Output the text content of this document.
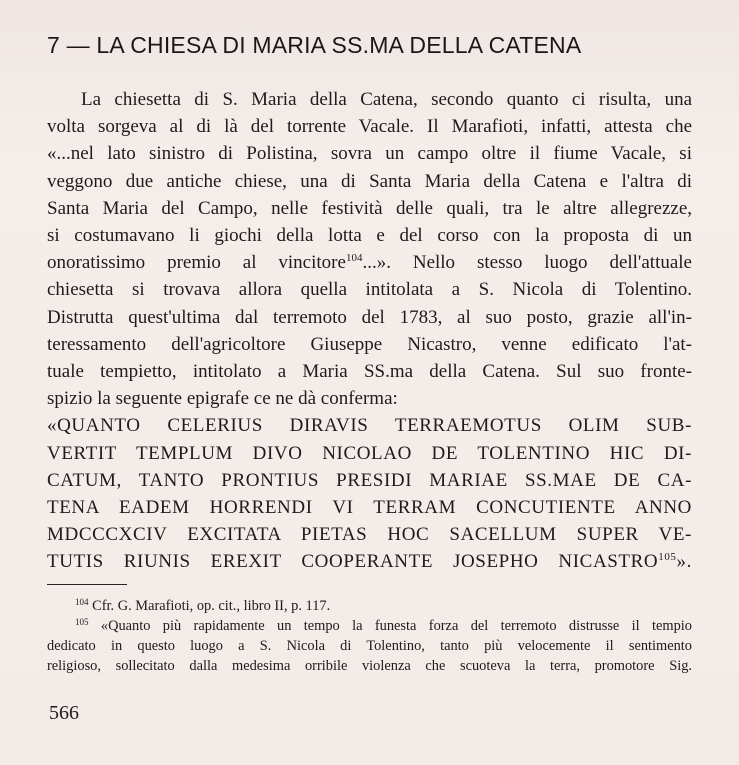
7 — LA CHIESA DI MARIA SS.MA DELLA CATENA
La chiesetta di S. Maria della Catena, secondo quanto ci risulta, una
volta sorgeva al di là del torrente Vacale. Il Marafioti, infatti, attesta che
«...nel lato sinistro di Polistina, sovra un campo oltre il fiume Vacale, si
veggono due antiche chiese, una di Santa Maria della Catena e l'altra di
Santa Maria del Campo, nelle festività delle quali, tra le altre allegrezze,
si costumavano li giochi della lotta e del corso con la proposta di un
onoratissimo premio al vincitore$^{104}$...». Nello stesso luogo dell'attuale
chiesetta si trovava allora quella intitolata a S. Nicola di Tolentino.
Distrutta quest'ultima dal terremoto del 1783, al suo posto, grazie all'in-
teressamento dell'agricoltore Giuseppe Nicastro, venne edificato l'at-
tuale tempietto, intitolato a Maria SS.ma della Catena. Sul suo fronte-
spizio la seguente epigrafe ce ne dà conferma:
«QUANTO CELERIUS DIRAVIS TERRAEMOTUS OLIM SUB-
VERTIT TEMPLUM DIVO NICOLAO DE TOLENTINO HIC DI-
CATUM, TANTO PRONTIUS PRESIDI MARIAE SS.MAE DE CA-
TENA EADEM HORRENDI VI TERRAM CONCUTIENTE ANNO
MDCCCXCIV EXCITATA PIETAS HOC SACELLUM SUPER VE-
TUTIS RIUNIS EREXIT COOPERANTE JOSEPHO NICASTRO$^{105}$».
$^{104}$ Cfr. G. Marafioti, op. cit., libro II, p. 117.
$^{105}$ «Quanto più rapidamente un tempo la funesta forza del terremoto distrusse il tempio
dedicato in questo luogo a S. Nicola di Tolentino, tanto più velocemente il sentimento
religioso, sollecitato dalla medesima orribile violenza che scuoteva la terra, promotore Sig.
566
